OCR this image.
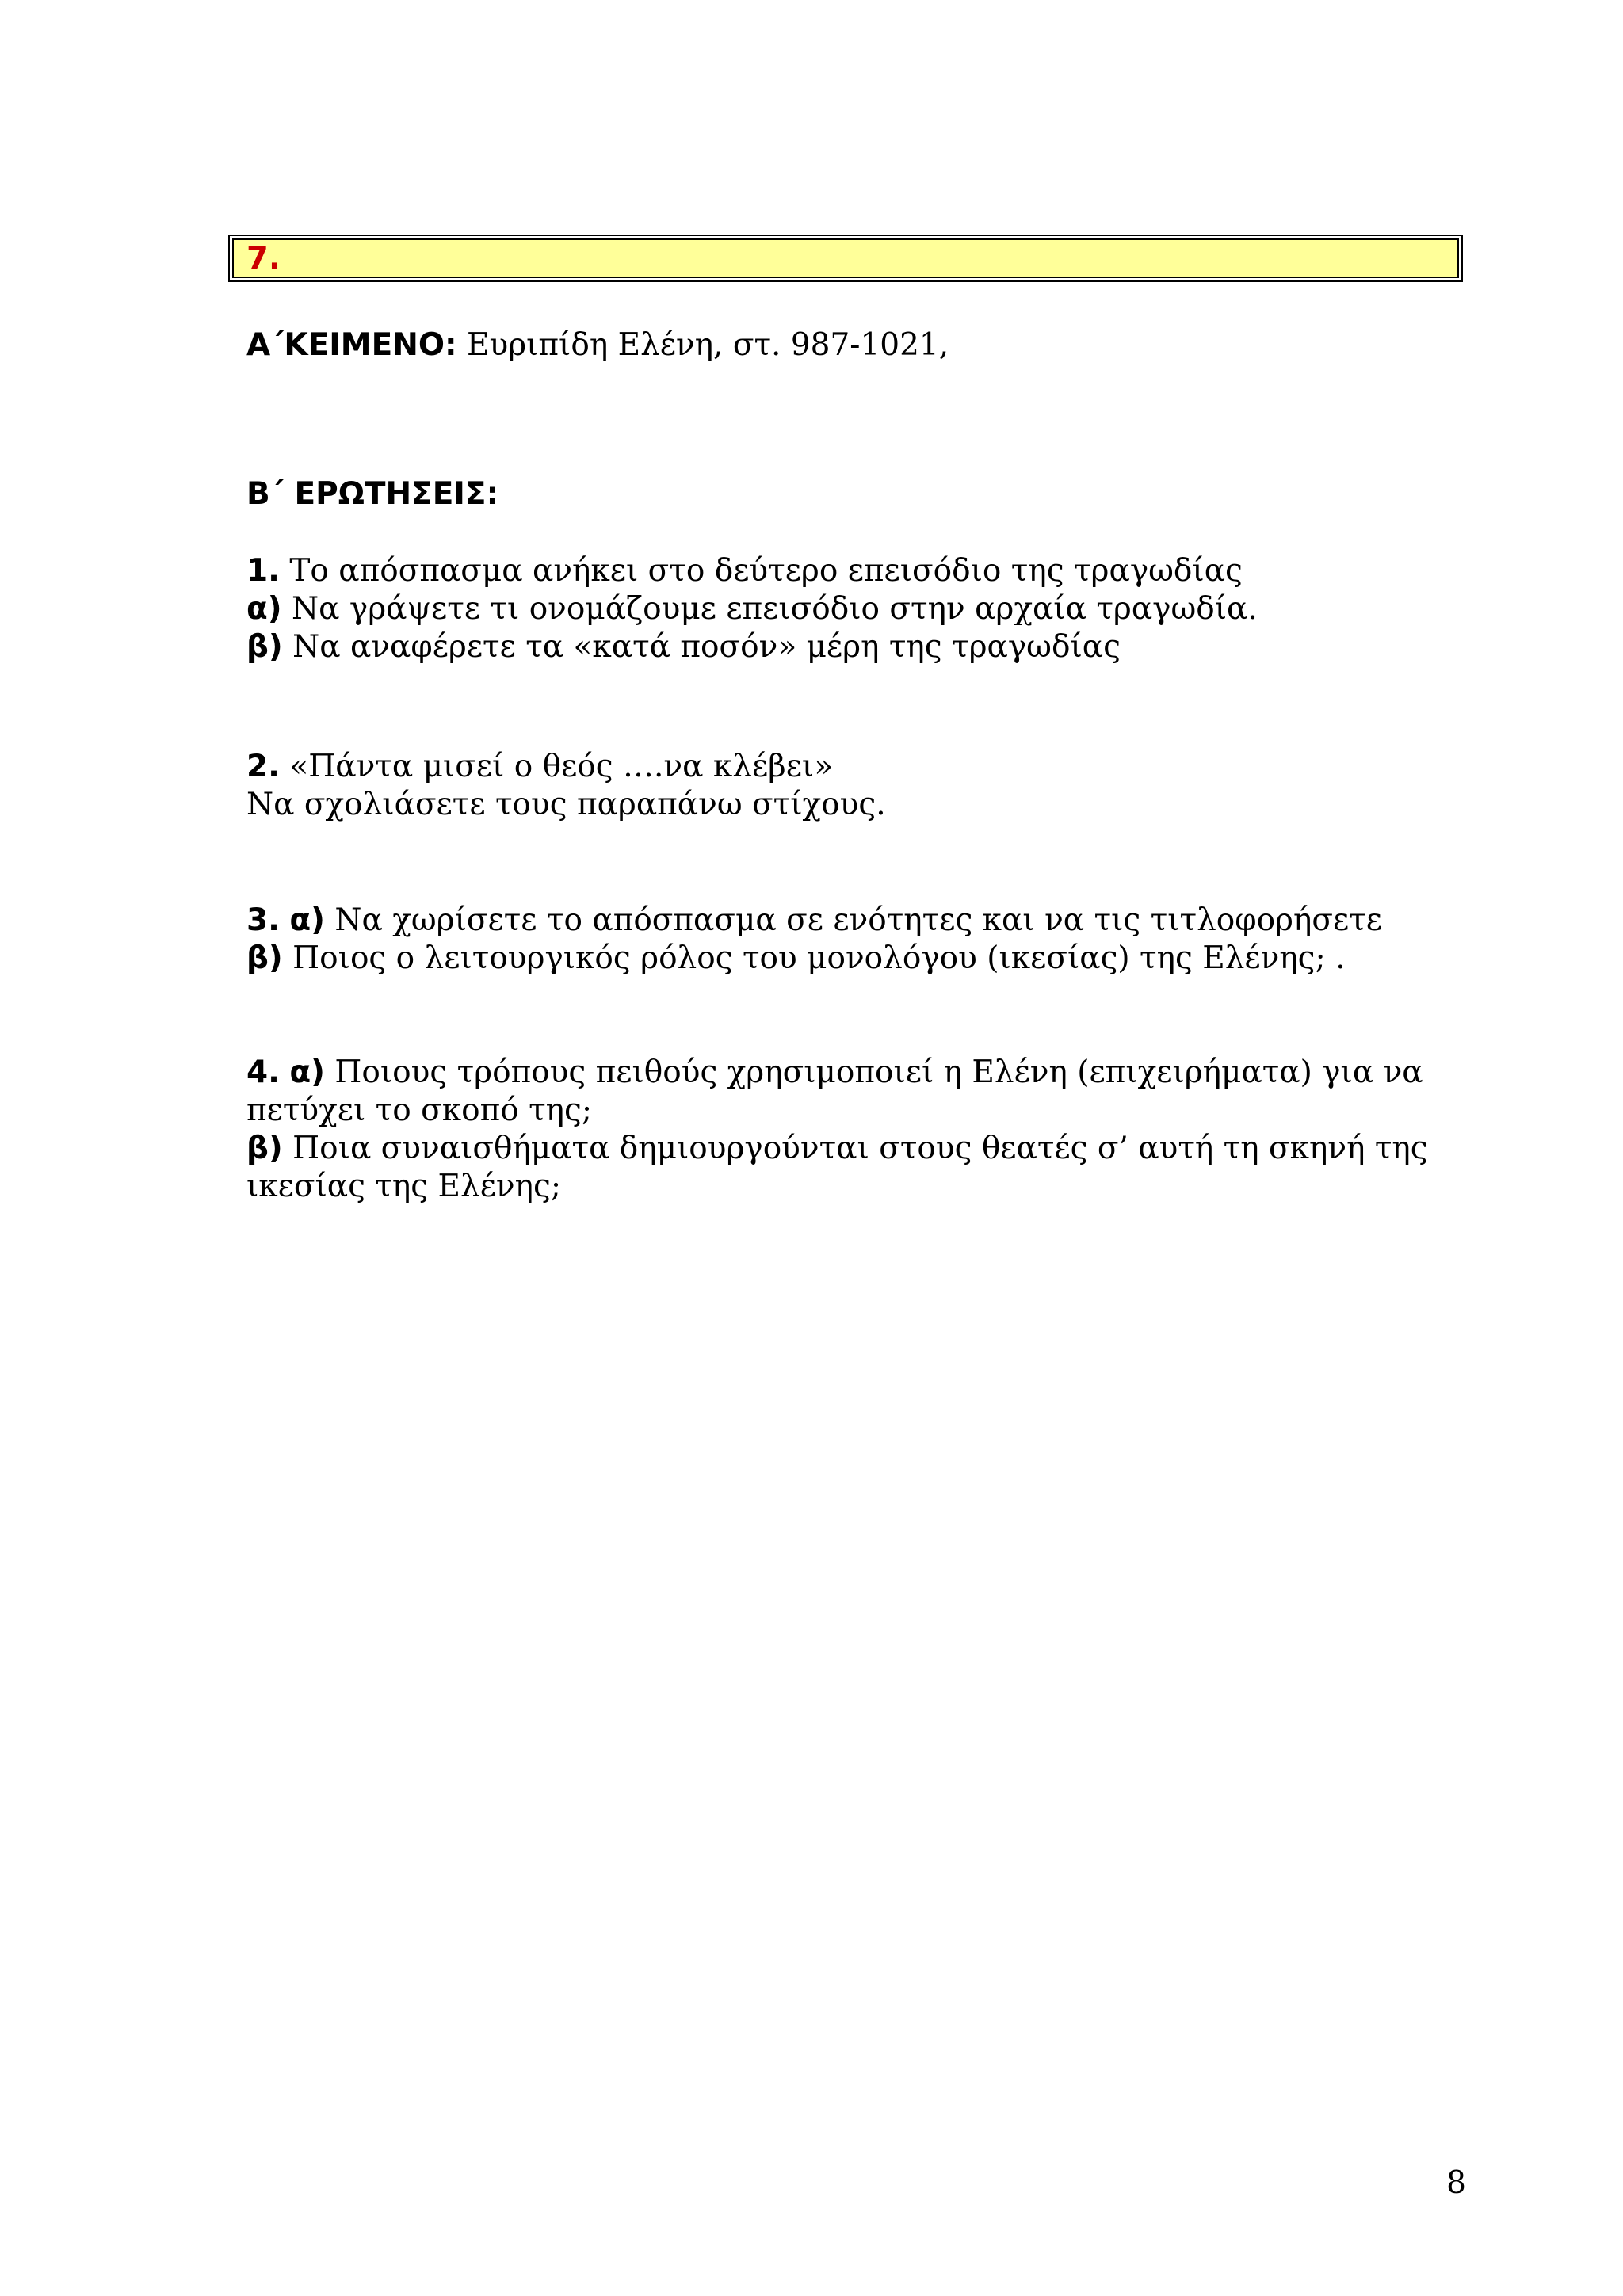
7.
Α΄ΚΕΙΜΕΝΟ: Ευριπίδη Ελένη, στ. 987-1021,
Β΄ ΕΡΩΤΗΣΕΙΣ:
1. Το απόσπασμα ανήκει στο δεύτερο επεισόδιο της τραγωδίας
α) Να γράψετε τι ονομάζουμε επεισόδιο στην αρχαία τραγωδία.
β) Να αναφέρετε τα «κατά ποσόν» μέρη της τραγωδίας
2. «Πάντα μισεί ο θεός ….να κλέβει»
Να σχολιάσετε τους παραπάνω στίχους.
3. α) Να χωρίσετε το απόσπασμα σε ενότητες και να τις τιτλοφορήσετε
β) Ποιος ο λειτουργικός ρόλος του μονολόγου (ικεσίας) της Ελένης; .
4. α) Ποιους τρόπους πειθούς χρησιμοποιεί η Ελένη (επιχειρήματα) για να
πετύχει το σκοπό της;
β) Ποια συναισθήματα δημιουργούνται στους θεατές σ’ αυτή τη σκηνή της
ικεσίας της Ελένης;
8
